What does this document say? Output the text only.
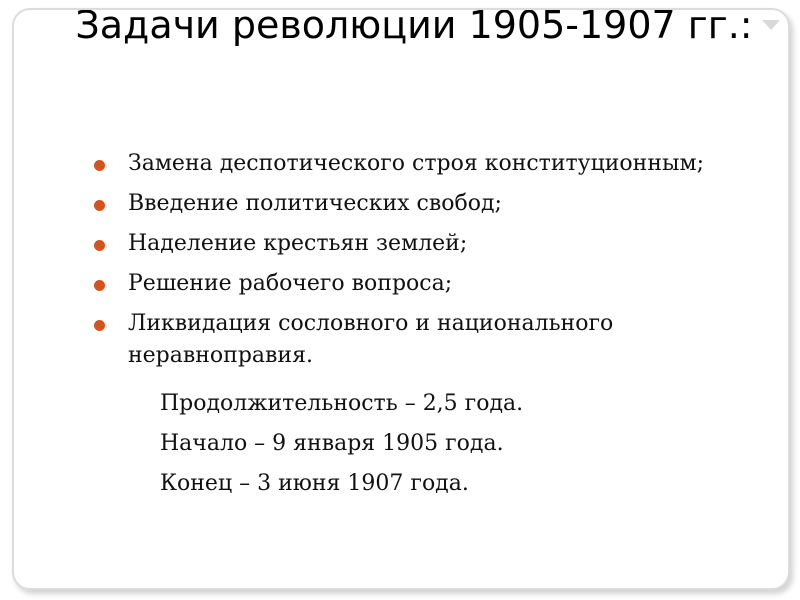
Задачи революции 1905-1907 гг.:
Замена деспотического строя конституционным;
Введение политических свобод;
Наделение крестьян землей;
Решение рабочего вопроса;
Ликвидация сословного и национального неравноправия.
Продолжительность – 2,5 года.
Начало – 9 января 1905 года.
Конец – 3 июня 1907 года.
